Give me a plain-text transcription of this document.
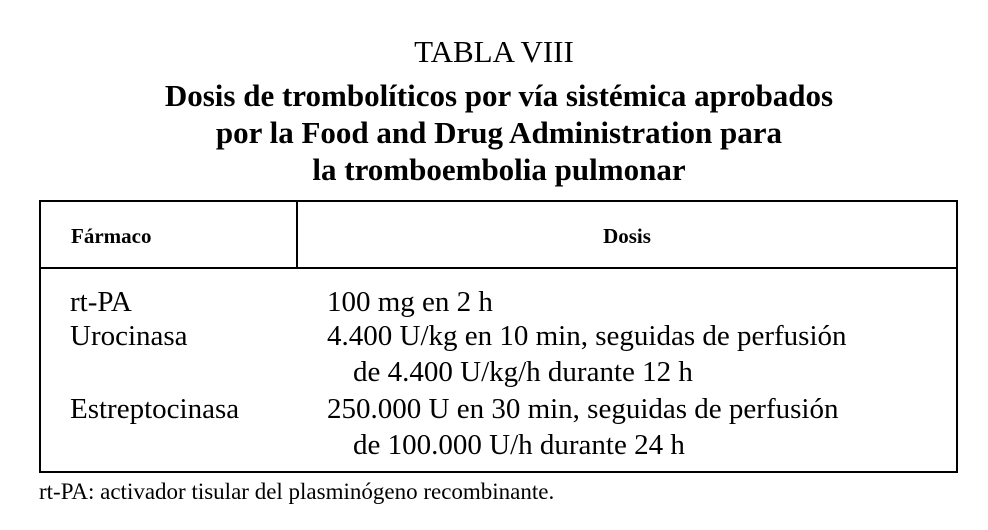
TABLA VIII
Dosis de trombolíticos por vía sistémica aprobados
por la Food and Drug Administration para
la tromboembolia pulmonar
Fármaco	Dosis
rt-PA	100 mg en 2 h
Urocinasa	4.400 U/kg en 10 min, seguidas de perfusión
de 4.400 U/kg/h durante 12 h
Estreptocinasa	250.000 U en 30 min, seguidas de perfusión
de 100.000 U/h durante 24 h
rt-PA: activador tisular del plasminógeno recombinante.
